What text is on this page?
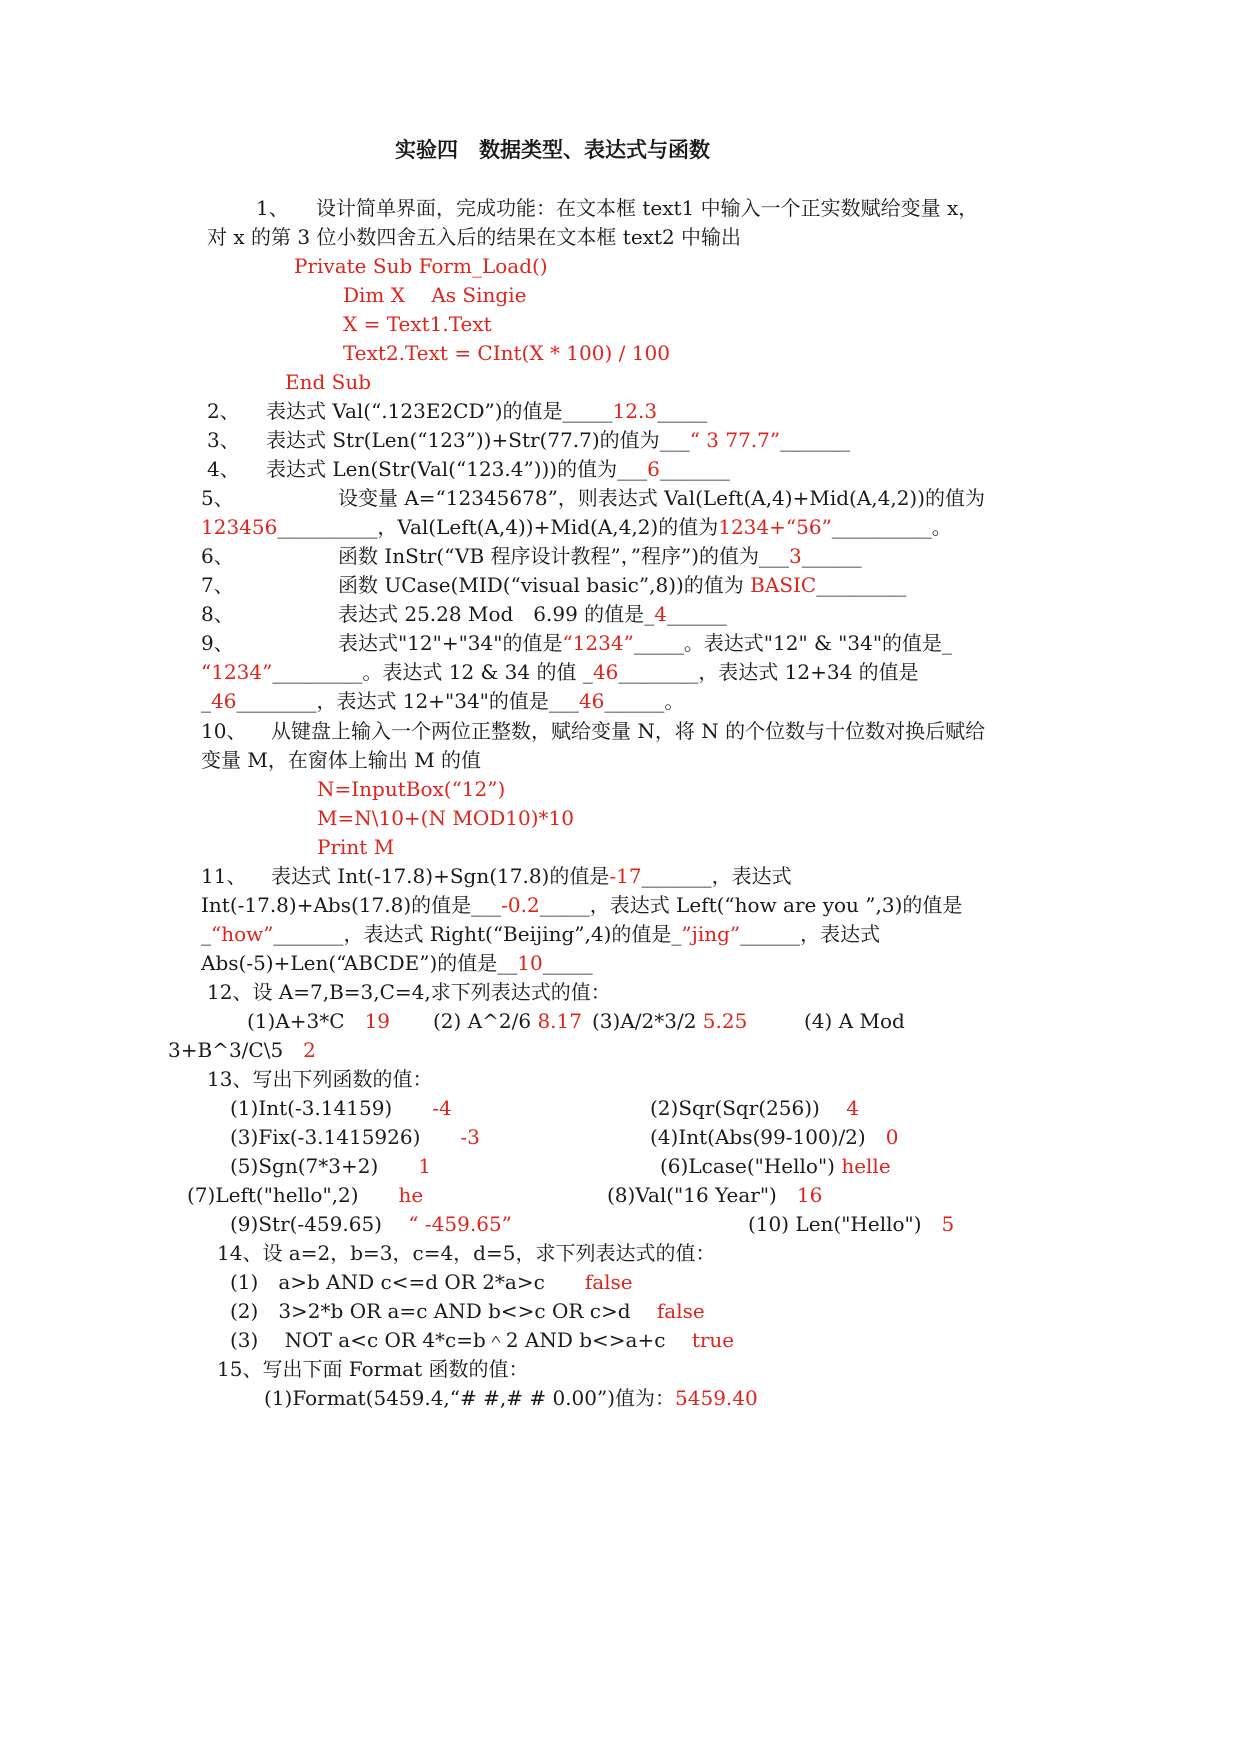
实验四　数据类型、表达式与函数
1、 设计简单界面，完成功能：在文本框 text1 中输入一个正实数赋给变量 x，
对 x 的第 3 位小数四舍五入后的结果在文本框 text2 中输出
Private Sub Form_Load()
Dim X　 As Singie
X = Text1.Text
Text2.Text = CInt(X * 100) / 100
End Sub
2、 表达式 Val(“.123E2CD”)的值是_____12.3_____
3、 表达式 Str(Len(“123”))+Str(77.7)的值为___“ 3 77.7”_______
4、 表达式 Len(Str(Val(“123.4”)))的值为___6_______
5、	设变量 A=“12345678”，则表达式 Val(Left(A,4)+Mid(A,4,2))的值为
123456__________，Val(Left(A,4))+Mid(A,4,2)的值为1234+“56”__________。
6、	函数 InStr(“VB 程序设计教程”，”程序”)的值为___3______
7、	函数 UCase(MID(“visual basic”,8))的值为 BASIC_________
8、	表达式 25.28 Mod　6.99 的值是_4______
9、	表达式"12"+"34"的值是“1234”_____。表达式"12" & "34"的值是_
“1234”_________。表达式 12 & 34 的值 _46________，表达式 12+34 的值是
_46________，表达式 12+"34"的值是___46______。
10、 从键盘上输入一个两位正整数，赋给变量 N，将 N 的个位数与十位数对换后赋给
变量 M，在窗体上输出 M 的值
N=InputBox(“12”)
M=N\10+(N MOD10)*10
Print M
11、 表达式 Int(-17.8)+Sgn(17.8)的值是-17_______，表达式
Int(-17.8)+Abs(17.8)的值是___-0.2_____，表达式 Left(“how are you ”,3)的值是
_“how”_______，表达式 Right(“Beijing”,4)的值是_”jing”______，表达式
Abs(-5)+Len(“ABCDE”)的值是__10_____
12、设 A=7,B=3,C=4,求下列表达式的值：
(1)A+3*C　 19 (2) A^2/6 8.17 (3)A/2*3/2 5.25	(4) A Mod
3+B^3/C\5　 2
13、写出下列函数的值：
(1)Int(-3.14159)　　 -4	(2)Sqr(Sqr(256))　 4
(3)Fix(-3.1415926)　　 -3	(4)Int(Abs(99-100)/2)　 0
(5)Sgn(7*3+2)　　 1	(6)Lcase("Hello") helle
(7)Left("hello",2)　　 he	(8)Val("16 Year")　 16
(9)Str(-459.65)　 “ -459.65”	(10) Len("Hello")　 5
14、设 a=2，b=3，c=4，d=5，求下列表达式的值：
(1)　a>b AND c<=d OR 2*a>c　　 false
(2)　3>2*b OR a=c AND b<>c OR c>d　 false
(3)　 NOT a<c OR 4*c=b＾2 AND b<>a+c　 true
15、写出下面 Format 函数的值：
(1)Format(5459.4,“# #,# # 0.00”)值为：5459.40
